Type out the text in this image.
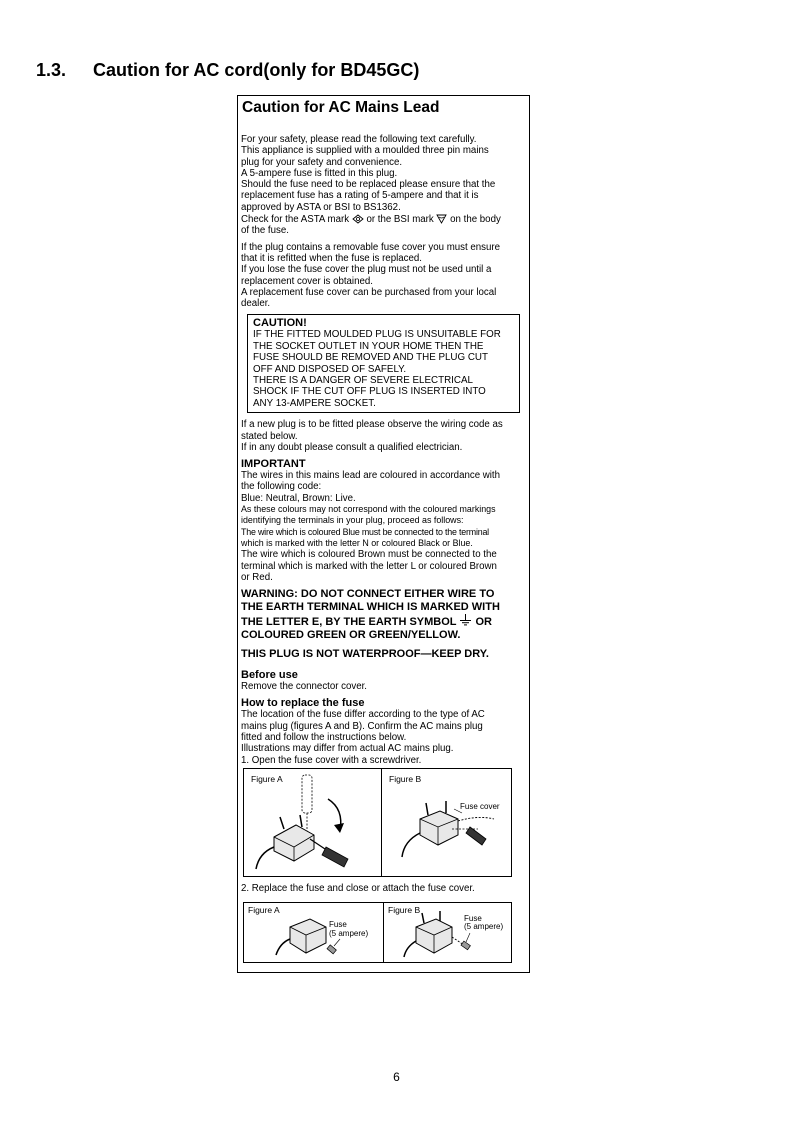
1.3. Caution for AC cord(only for BD45GC)
Caution for AC Mains Lead
For your safety, please read the following text carefully.
This appliance is supplied with a moulded three pin mains
plug for your safety and convenience.
A 5-ampere fuse is fitted in this plug.
Should the fuse need to be replaced please ensure that the
replacement fuse has a rating of 5-ampere and that it is
approved by ASTA or BSI to BS1362.
Check for the ASTA mark or the BSI mark on the body
of the fuse.
If the plug contains a removable fuse cover you must ensure
that it is refitted when the fuse is replaced.
If you lose the fuse cover the plug must not be used until a
replacement cover is obtained.
A replacement fuse cover can be purchased from your local
dealer.
CAUTION!
IF THE FITTED MOULDED PLUG IS UNSUITABLE FOR
THE SOCKET OUTLET IN YOUR HOME THEN THE
FUSE SHOULD BE REMOVED AND THE PLUG CUT
OFF AND DISPOSED OF SAFELY.
THERE IS A DANGER OF SEVERE ELECTRICAL
SHOCK IF THE CUT OFF PLUG IS INSERTED INTO
ANY 13-AMPERE SOCKET.
If a new plug is to be fitted please observe the wiring code as
stated below.
If in any doubt please consult a qualified electrician.
IMPORTANT
The wires in this mains lead are coloured in accordance with
the following code:
Blue: Neutral, Brown: Live.
As these colours may not correspond with the coloured markings
identifying the terminals in your plug, proceed as follows:
The wire which is coloured Blue must be connected to the terminal
which is marked with the letter N or coloured Black or Blue.
The wire which is coloured Brown must be connected to the
terminal which is marked with the letter L or coloured Brown
or Red.
WARNING: DO NOT CONNECT EITHER WIRE TO
THE EARTH TERMINAL WHICH IS MARKED WITH
THE LETTER E, BY THE EARTH SYMBOL OR
COLOURED GREEN OR GREEN/YELLOW.
THIS PLUG IS NOT WATERPROOF—KEEP DRY.
Before use
Remove the connector cover.
How to replace the fuse
The location of the fuse differ according to the type of AC
mains plug (figures A and B). Confirm the AC mains plug
fitted and follow the instructions below.
Illustrations may differ from actual AC mains plug.
1. Open the fuse cover with a screwdriver.
Figure A	Figure B
Fuse cover
2. Replace the fuse and close or attach the fuse cover.
Figure A
Fuse
(5 ampere)
Figure B
Fuse
(5 ampere)
6
